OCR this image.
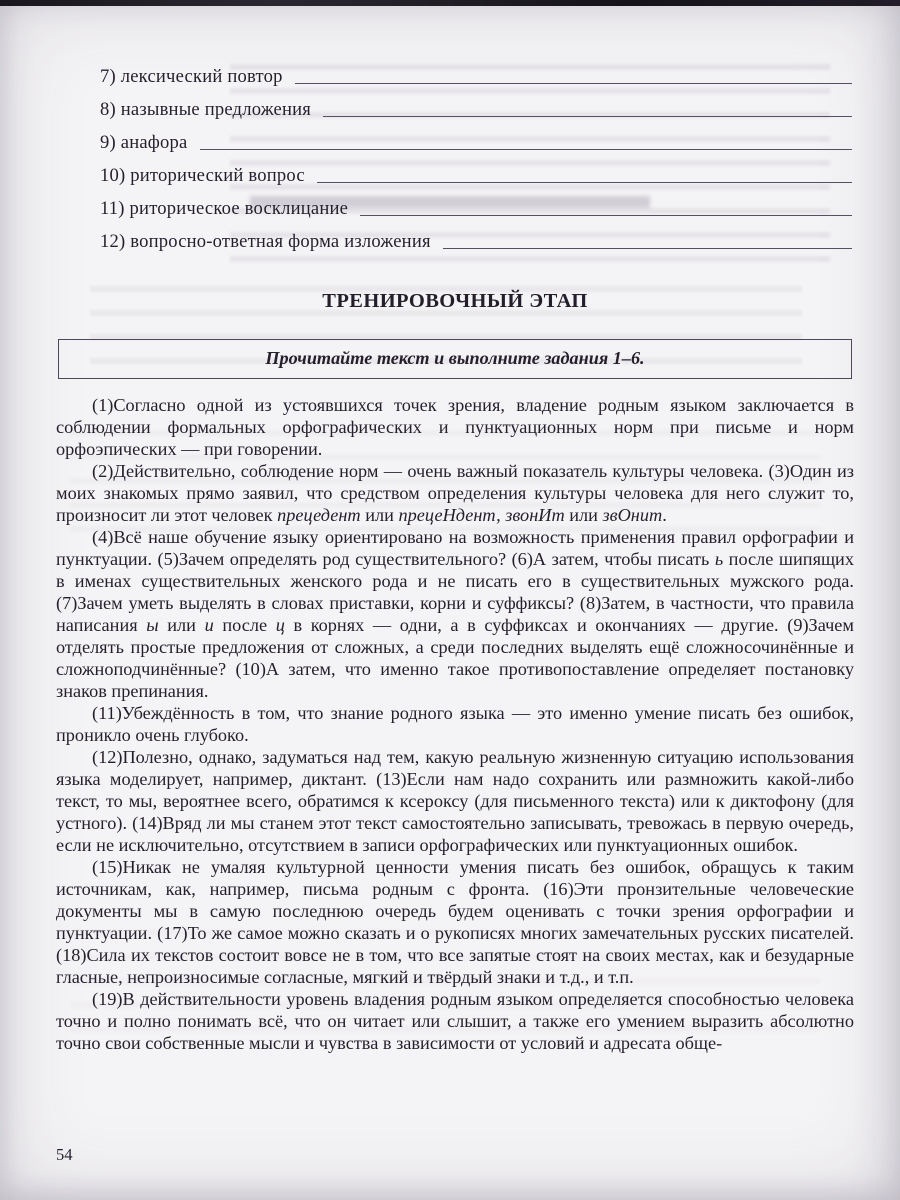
7) лексический повтор
8) назывные предложения
9) анафора
10) риторический вопрос
11) риторическое восклицание
12) вопросно-ответная форма изложения
ТРЕНИРОВОЧНЫЙ ЭТАП
Прочитайте текст и выполните задания 1–6.

(1)Согласно одной из устоявшихся точек зрения, владение родным языком заключается в соблюдении формальных орфографических и пунктуационных норм при письме и норм орфоэпических — при говорении.

(2)Действительно, соблюдение норм — очень важный показатель культуры человека. (3)Один из моих знакомых прямо заявил, что средством определения культуры человека для него служит то, произносит ли этот человек прецедент или прецеНдент, звонИт или звОнит.

(4)Всё наше обучение языку ориентировано на возможность применения правил орфографии и пунктуации. (5)Зачем определять род существительного? (6)А затем, чтобы писать ь после шипящих в именах существительных женского рода и не писать его в существительных мужского рода. (7)Зачем уметь выделять в словах приставки, корни и суффиксы? (8)Затем, в частности, что правила написания ы или и после ц в корнях — одни, а в суффиксах и окончаниях — другие. (9)Зачем отделять простые предложения от сложных, а среди последних выделять ещё сложносочинённые и сложноподчинённые? (10)А затем, что именно такое противопоставление определяет постановку знаков препинания.

(11)Убеждённость в том, что знание родного языка — это именно умение писать без ошибок, проникло очень глубоко.

(12)Полезно, однако, задуматься над тем, какую реальную жизненную ситуацию использования языка моделирует, например, диктант. (13)Если нам надо сохранить или размножить какой-либо текст, то мы, вероятнее всего, обратимся к ксероксу (для письменного текста) или к диктофону (для устного). (14)Вряд ли мы станем этот текст самостоятельно записывать, тревожась в первую очередь, если не исключительно, отсутствием в записи орфографических или пунктуационных ошибок.

(15)Никак не умаляя культурной ценности умения писать без ошибок, обращусь к таким источникам, как, например, письма родным с фронта. (16)Эти пронзительные человеческие документы мы в самую последнюю очередь будем оценивать с точки зрения орфографии и пунктуации. (17)То же самое можно сказать и о рукописях многих замечательных русских писателей. (18)Сила их текстов состоит вовсе не в том, что все запятые стоят на своих местах, как и безударные гласные, непроизносимые согласные, мягкий и твёрдый знаки и т.д., и т.п.

(19)В действительности уровень владения родным языком определяется способностью человека точно и полно понимать всё, что он читает или слышит, а также его умением выразить абсолютно точно свои собственные мысли и чувства в зависимости от условий и адресата обще-

54
